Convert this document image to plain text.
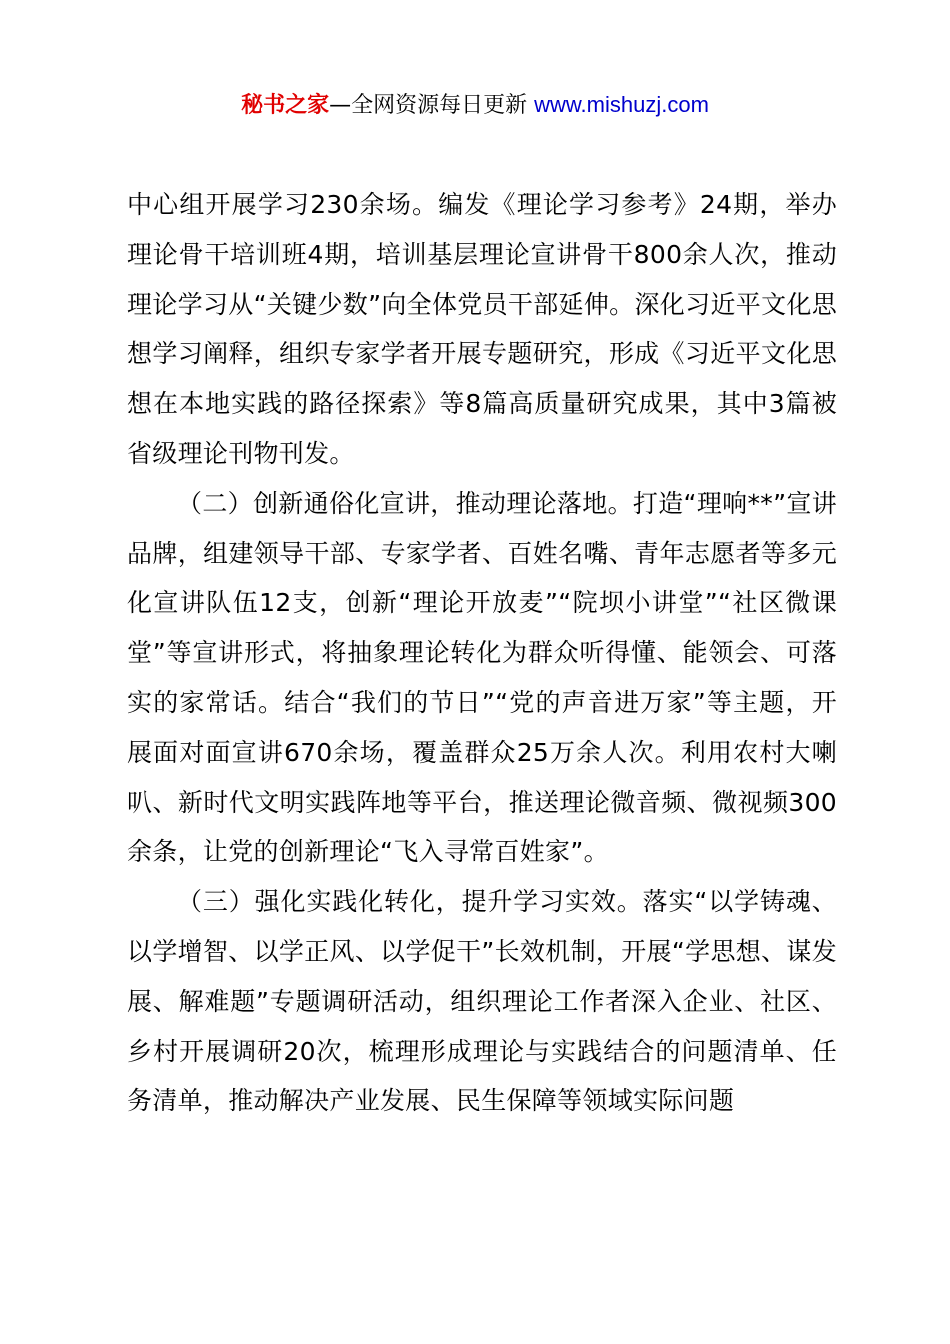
秘书之家—全网资源每日更新 www.mishuzj.com

中心组开展学习230余场。编发《理论学习参考》24期，举办理论骨干培训班4期，培训基层理论宣讲骨干800余人次，推动理论学习从“关键少数”向全体党员干部延伸。深化习近平文化思想学习阐释，组织专家学者开展专题研究，形成《习近平文化思想在本地实践的路径探索》等8篇高质量研究成果，其中3篇被省级理论刊物刊发。

（二）创新通俗化宣讲，推动理论落地。打造“理响**”宣讲品牌，组建领导干部、专家学者、百姓名嘴、青年志愿者等多元化宣讲队伍12支，创新“理论开放麦”“院坝小讲堂”“社区微课堂”等宣讲形式，将抽象理论转化为群众听得懂、能领会、可落实的家常话。结合“我们的节日”“党的声音进万家”等主题，开展面对面宣讲670余场，覆盖群众25万余人次。利用农村大喇叭、新时代文明实践阵地等平台，推送理论微音频、微视频300余条，让党的创新理论“飞入寻常百姓家”。

（三）强化实践化转化，提升学习实效。落实“以学铸魂、以学增智、以学正风、以学促干”长效机制，开展“学思想、谋发展、解难题”专题调研活动，组织理论工作者深入企业、社区、乡村开展调研20次，梳理形成理论与实践结合的问题清单、任务清单，推动解决产业发展、民生保障等领域实际问题
